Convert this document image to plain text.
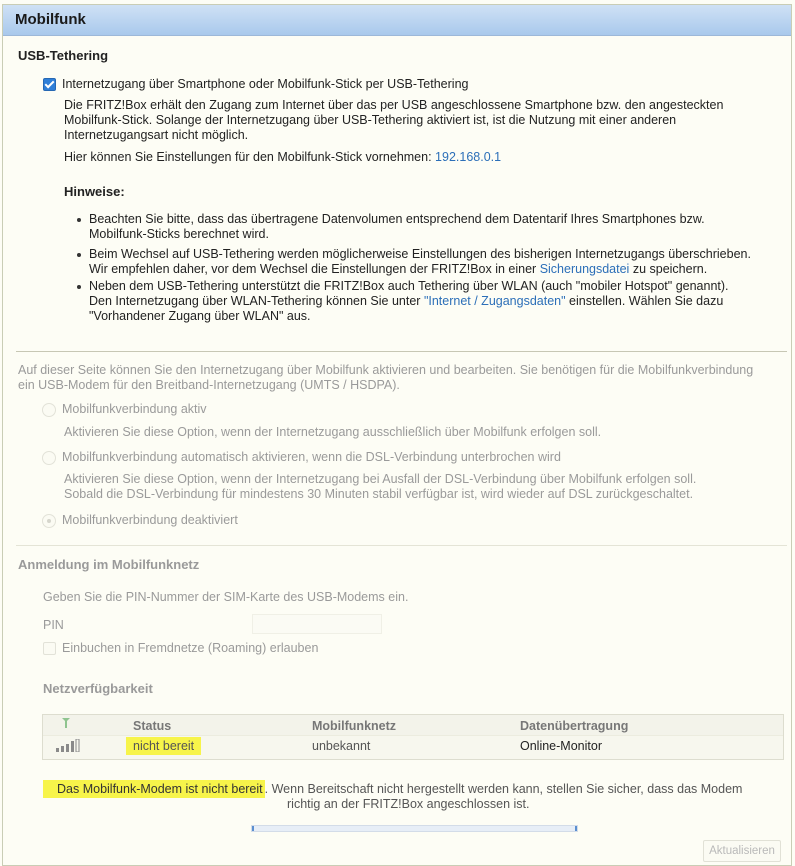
Mobilfunk
USB-Tethering
Internetzugang über Smartphone oder Mobilfunk-Stick per USB-Tethering
Die FRITZ!Box erhält den Zugang zum Internet über das per USB angeschlossene Smartphone bzw. den angesteckten
Mobilfunk-Stick. Solange der Internetzugang über USB-Tethering aktiviert ist, ist die Nutzung mit einer anderen
Internetzugangsart nicht möglich.
Hier können Sie Einstellungen für den Mobilfunk-Stick vornehmen: 192.168.0.1
Hinweise:
Beachten Sie bitte, dass das übertragene Datenvolumen entsprechend dem Datentarif Ihres Smartphones bzw.
Mobilfunk-Sticks berechnet wird.
Beim Wechsel auf USB-Tethering werden möglicherweise Einstellungen des bisherigen Internetzugangs überschrieben.
Wir empfehlen daher, vor dem Wechsel die Einstellungen der FRITZ!Box in einer Sicherungsdatei zu speichern.
Neben dem USB-Tethering unterstützt die FRITZ!Box auch Tethering über WLAN (auch "mobiler Hotspot" genannt).
Den Internetzugang über WLAN-Tethering können Sie unter "Internet / Zugangsdaten" einstellen. Wählen Sie dazu
"Vorhandener Zugang über WLAN" aus.
Auf dieser Seite können Sie den Internetzugang über Mobilfunk aktivieren und bearbeiten. Sie benötigen für die Mobilfunkverbindung
ein USB-Modem für den Breitband-Internetzugang (UMTS / HSDPA).
Mobilfunkverbindung aktiv
Aktivieren Sie diese Option, wenn der Internetzugang ausschließlich über Mobilfunk erfolgen soll.
Mobilfunkverbindung automatisch aktivieren, wenn die DSL-Verbindung unterbrochen wird
Aktivieren Sie diese Option, wenn der Internetzugang bei Ausfall der DSL-Verbindung über Mobilfunk erfolgen soll.
Sobald die DSL-Verbindung für mindestens 30 Minuten stabil verfügbar ist, wird wieder auf DSL zurückgeschaltet.
Mobilfunkverbindung deaktiviert
Anmeldung im Mobilfunknetz
Geben Sie die PIN-Nummer der SIM-Karte des USB-Modems ein.
PIN
Einbuchen in Fremdnetze (Roaming) erlauben
Netzverfügbarkeit
Status	Mobilfunknetz	Datenübertragung
nicht bereit	unbekannt	Online-Monitor
Das Mobilfunk-Modem ist nicht bereit . Wenn Bereitschaft nicht hergestellt werden kann, stellen Sie sicher, dass das Modem
richtig an der FRITZ!Box angeschlossen ist.
Aktualisieren
